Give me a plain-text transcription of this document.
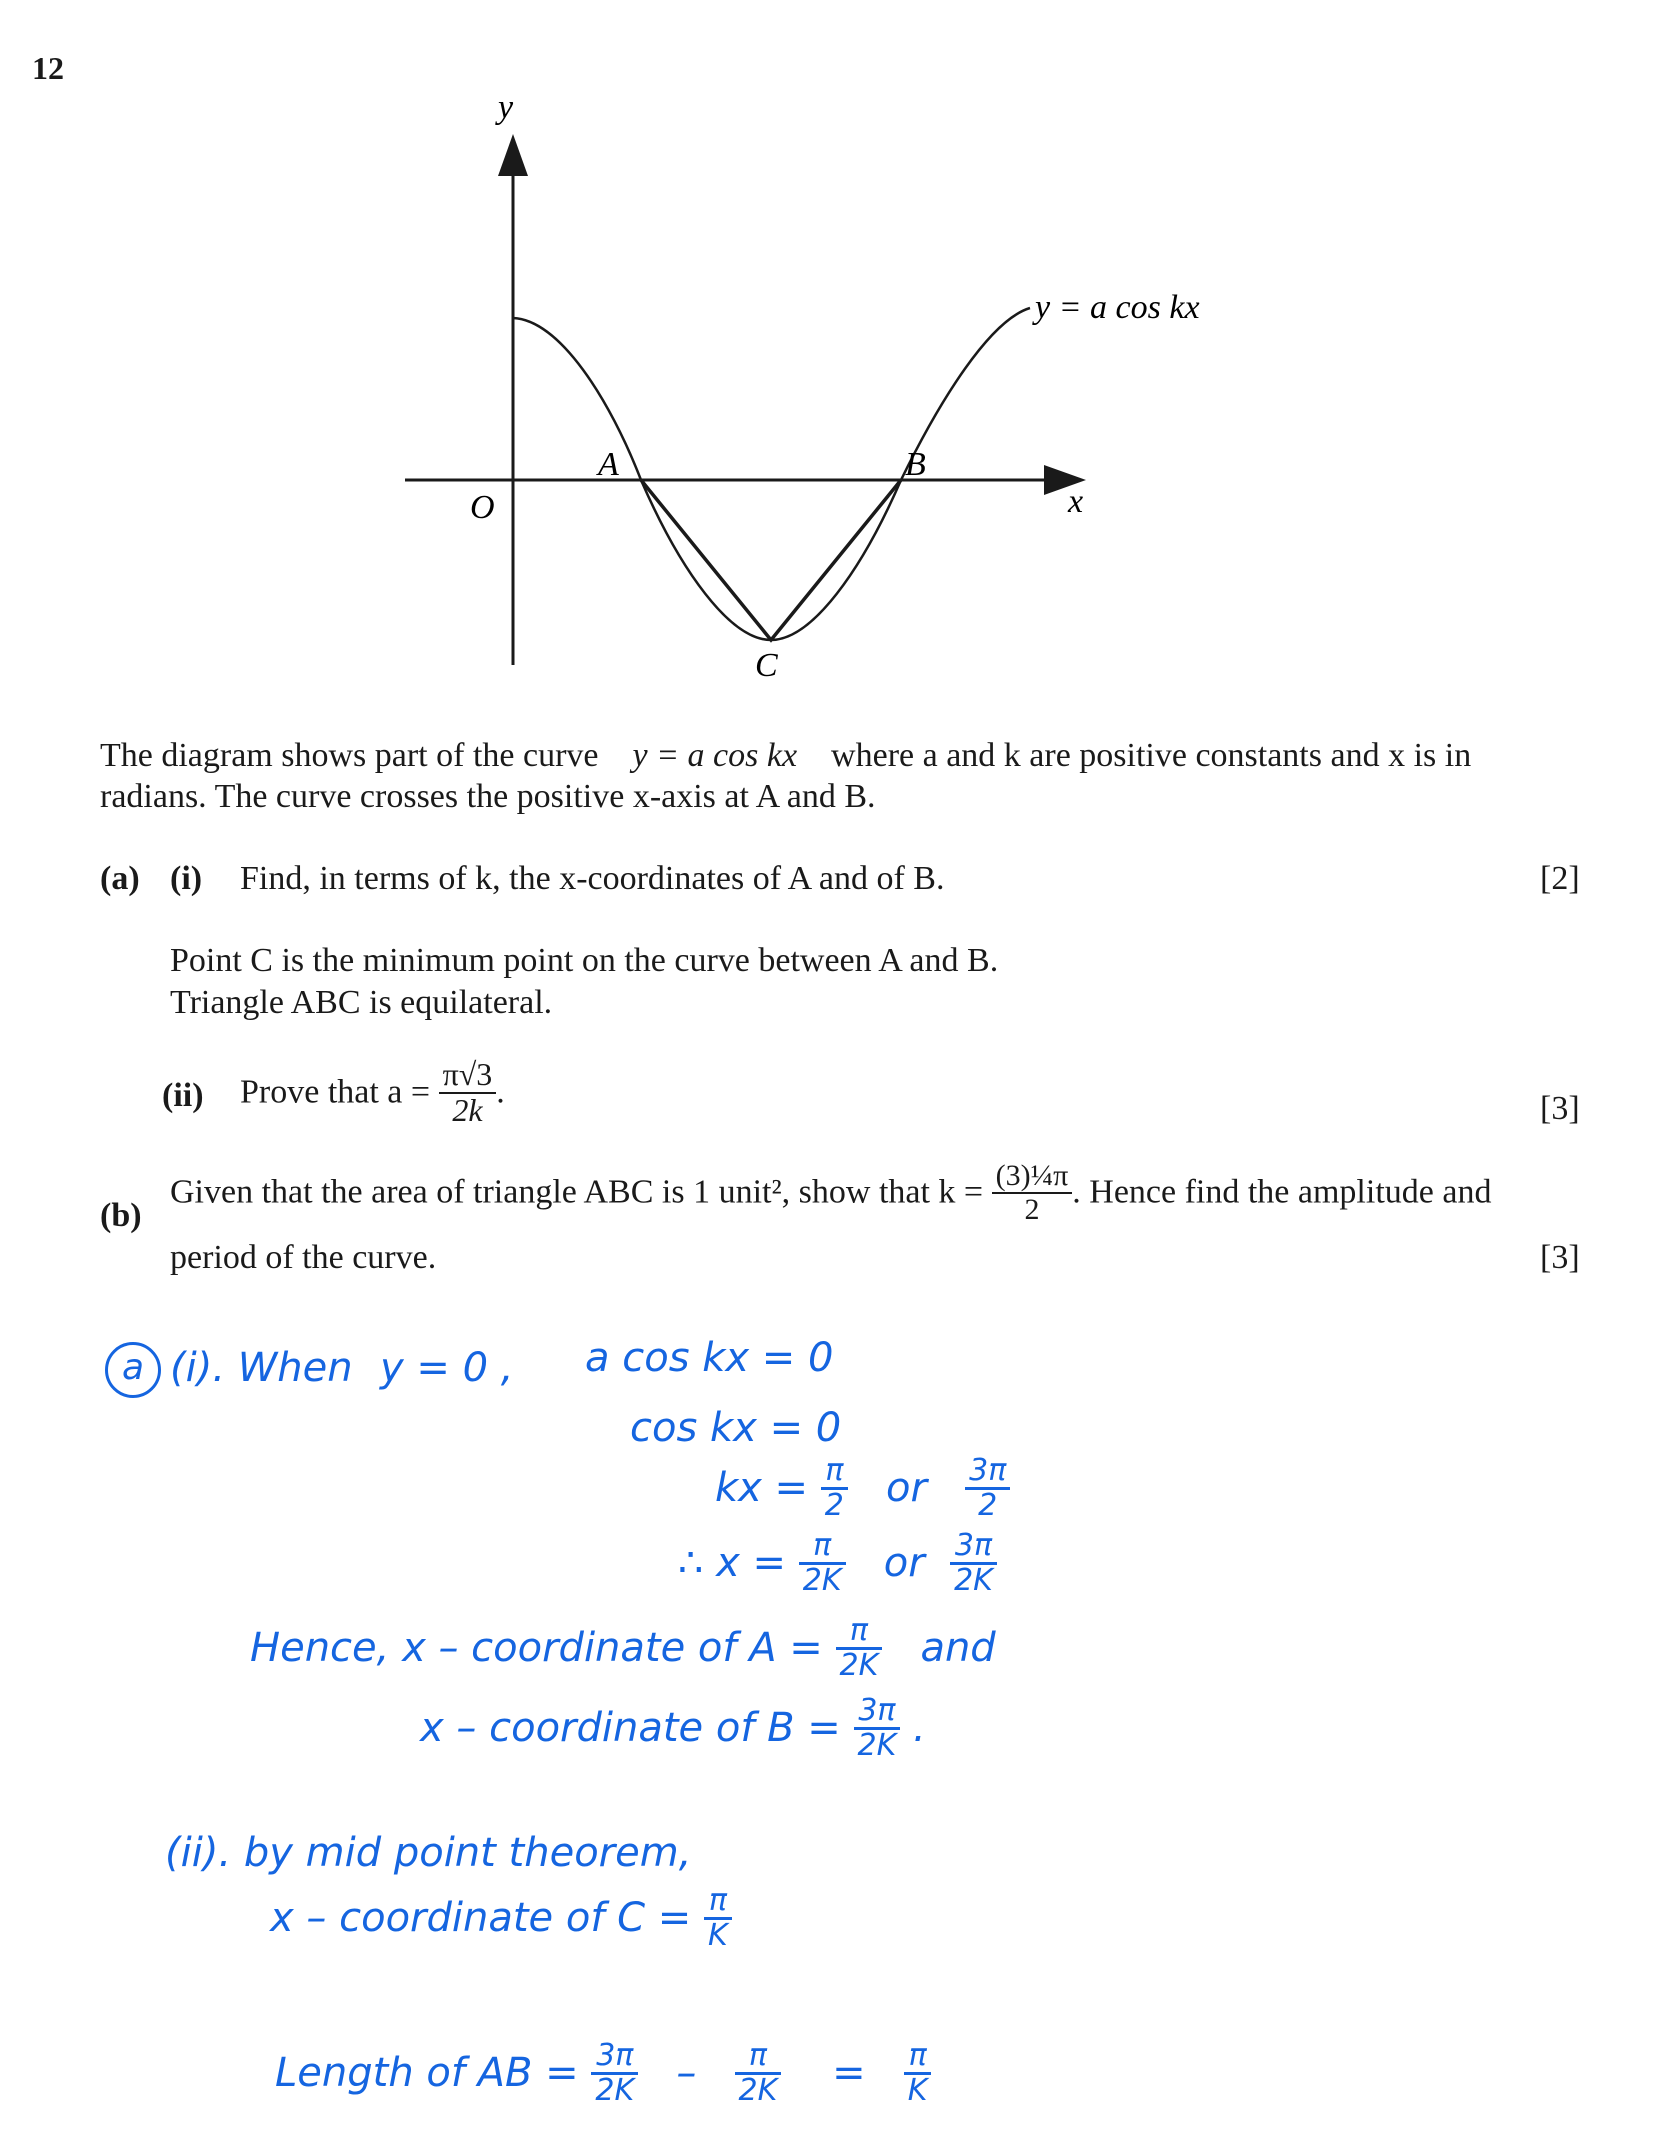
12
y
x
O
A	B
C
y = a cos kx
The diagram shows part of the curve y = a cos kx where a and k are positive constants and x is in
radians. The curve crosses the positive x-axis at A and B.
(a) (i) Find, in terms of k, the x-coordinates of A and of B.	[2]
Point C is the minimum point on the curve between A and B.
Triangle ABC is equilateral.
(ii) Prove that $a = \frac{\pi√3}{2k}$ .	[3]
(b)
Given that the area of triangle ABC is 1 unit², show that $k = \frac{\text{(3)¼π}}{2}$ . Hence find the amplitude and
period of the curve.	[3]
a (i). When y = 0 , a cos kx = 0
cos kx = 0
kx = $\frac{\pi}{2}$ or $\frac{3\pi}{2}$
∴ $x = \frac{\pi}{2K}$ or $\frac{3\pi}{2K}$
Hence, x – coordinate of $A = \frac{\pi}{2K}$ and
x – coordinate of $B = \frac{3\pi}{2K}$ .
(ii). by mid point theorem,
x – coordinate of $C = \frac{\pi}{K}$
Length of AB = $\frac{3\pi}{2K} - \frac{\pi}{2K} = \frac{\pi}{K}$
